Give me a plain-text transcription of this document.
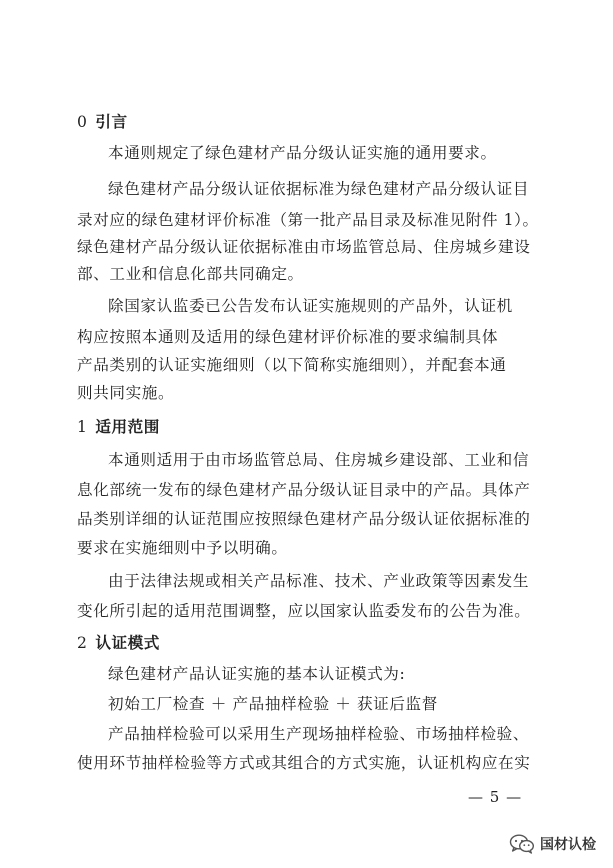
0 引言
本通则规定了绿色建材产品分级认证实施的通用要求。
绿色建材产品分级认证依据标准为绿色建材产品分级认证目
录对应的绿色建材评价标准（第一批产品目录及标准见附件 1）。
绿色建材产品分级认证依据标准由市场监管总局、住房城乡建设
部、工业和信息化部共同确定。
除国家认监委已公告发布认证实施规则的产品外，认证机
构应按照本通则及适用的绿色建材评价标准的要求编制具体
产品类别的认证实施细则（以下简称实施细则），并配套本通
则共同实施。
1 适用范围
本通则适用于由市场监管总局、住房城乡建设部、工业和信
息化部统一发布的绿色建材产品分级认证目录中的产品。具体产
品类别详细的认证范围应按照绿色建材产品分级认证依据标准的
要求在实施细则中予以明确。
由于法律法规或相关产品标准、技术、产业政策等因素发生
变化所引起的适用范围调整，应以国家认监委发布的公告为准。
2 认证模式
绿色建材产品认证实施的基本认证模式为:
初始工厂检查 ＋ 产品抽样检验 ＋ 获证后监督
产品抽样检验可以采用生产现场抽样检验、市场抽样检验、
使用环节抽样检验等方式或其组合的方式实施，认证机构应在实
— 5 —
国材认检
